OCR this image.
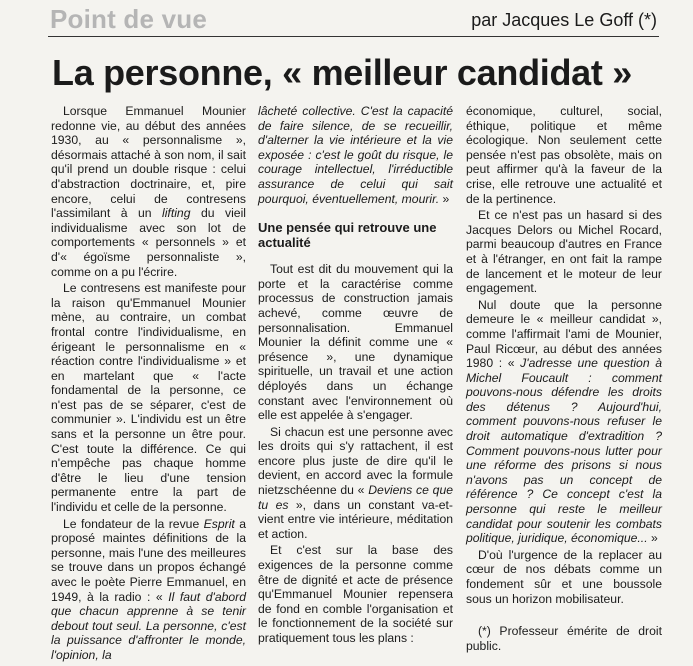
Point de vue	par Jacques Le Goff (*)
La personne, « meilleur candidat »

Lorsque Emmanuel Mounier redonne vie, au début des années 1930, au « personnalisme », désormais attaché à son nom, il sait qu'il prend un double risque : celui d'abstraction doctrinaire, et, pire encore, celui de contresens l'assimilant à un lifting du vieil individualisme avec son lot de comportements « personnels » et d'« égoïsme personnaliste », comme on a pu l'écrire.

Le contresens est manifeste pour la raison qu'Emmanuel Mounier mène, au contraire, un combat frontal contre l'individualisme, en érigeant le personnalisme en « réaction contre l'individualisme » et en martelant que « l'acte fondamental de la personne, ce n'est pas de se séparer, c'est de communier ». L'individu est un être sans et la personne un être pour. C'est toute la différence. Ce qui n'empêche pas chaque homme d'être le lieu d'une tension permanente entre la part de l'individu et celle de la personne.

Le fondateur de la revue Esprit a proposé maintes définitions de la personne, mais l'une des meilleures se trouve dans un propos échangé avec le poète Pierre Emmanuel, en 1949, à la radio : « Il faut d'abord que chacun apprenne à se tenir debout tout seul. La personne, c'est la puissance d'affronter le monde, l'opinion, la

lâcheté collective. C'est la capacité de faire silence, de se recueillir, d'alterner la vie intérieure et la vie exposée : c'est le goût du risque, le courage intellectuel, l'irréductible assurance de celui qui sait pourquoi, éventuellement, mourir. »

Une pensée qui retrouve une actualité

Tout est dit du mouvement qui la porte et la caractérise comme processus de construction jamais achevé, comme œuvre de personnalisation. Emmanuel Mounier la définit comme une « présence », une dynamique spirituelle, un travail et une action déployés dans un échange constant avec l'environnement où elle est appelée à s'engager.

Si chacun est une personne avec les droits qui s'y rattachent, il est encore plus juste de dire qu'il le devient, en accord avec la formule nietzschéenne du « Deviens ce que tu es », dans un constant va-et-vient entre vie intérieure, méditation et action.

Et c'est sur la base des exigences de la personne comme être de dignité et acte de présence qu'Emmanuel Mounier repensera de fond en comble l'organisation et le fonctionnement de la société sur pratiquement tous les plans :

économique, culturel, social, éthique, politique et même écologique. Non seulement cette pensée n'est pas obsolète, mais on peut affirmer qu'à la faveur de la crise, elle retrouve une actualité et de la pertinence.

Et ce n'est pas un hasard si des Jacques Delors ou Michel Rocard, parmi beaucoup d'autres en France et à l'étranger, en ont fait la rampe de lancement et le moteur de leur engagement.

Nul doute que la personne demeure le « meilleur candidat », comme l'affirmait l'ami de Mounier, Paul Ricœur, au début des années 1980 : « J'adresse une question à Michel Foucault : comment pouvons-nous défendre les droits des détenus ? Aujourd'hui, comment pouvons-nous refuser le droit automatique d'extradition ? Comment pouvons-nous lutter pour une réforme des prisons si nous n'avons pas un concept de référence ? Ce concept c'est la personne qui reste le meilleur candidat pour soutenir les combats politique, juridique, économique... »

D'où l'urgence de la replacer au cœur de nos débats comme un fondement sûr et une boussole sous un horizon mobilisateur.

(*) Professeur émérite de droit public.
